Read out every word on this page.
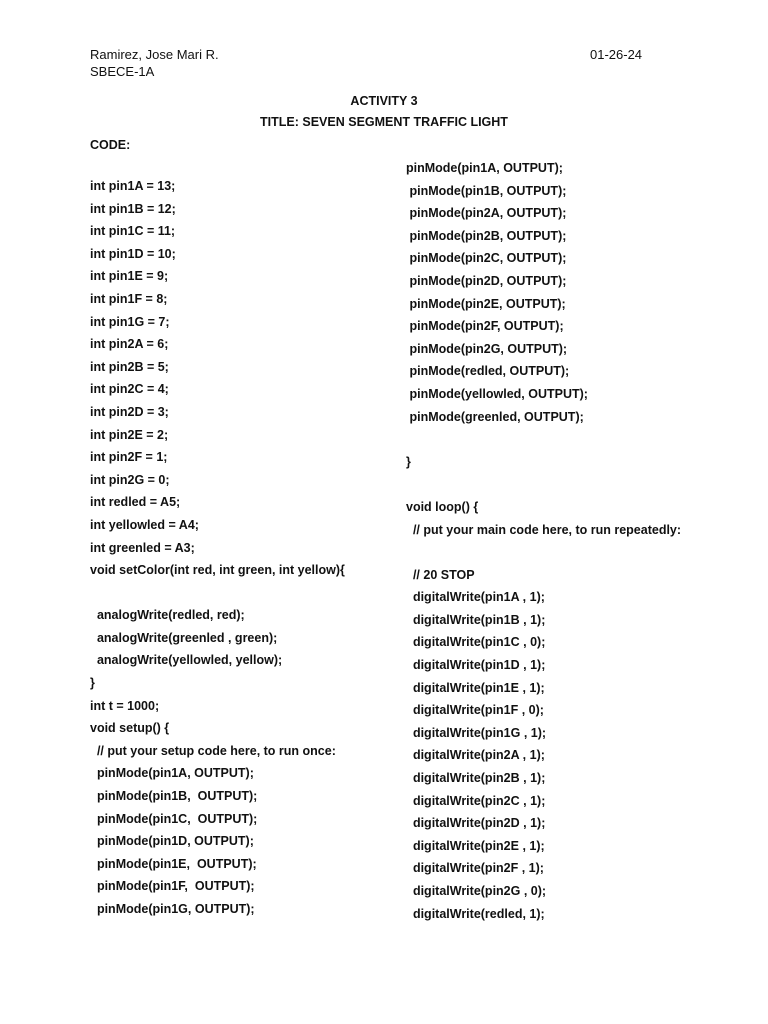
Ramirez, Jose Mari R.
SBECE-1A
01-26-24
ACTIVITY 3
TITLE: SEVEN SEGMENT TRAFFIC LIGHT
CODE:
int pin1A = 13;
int pin1B = 12;
int pin1C = 11;
int pin1D = 10;
int pin1E = 9;
int pin1F = 8;
int pin1G = 7;
int pin2A = 6;
int pin2B = 5;
int pin2C = 4;
int pin2D = 3;
int pin2E = 2;
int pin2F = 1;
int pin2G = 0;
int redled = A5;
int yellowled = A4;
int greenled = A3;
void setColor(int red, int green, int yellow){
analogWrite(redled, red);
analogWrite(greenled , green);
analogWrite(yellowled, yellow);
}
int t = 1000;
void setup() {
// put your setup code here, to run once:
pinMode(pin1A, OUTPUT);
pinMode(pin1B,  OUTPUT);
pinMode(pin1C,  OUTPUT);
pinMode(pin1D, OUTPUT);
pinMode(pin1E,  OUTPUT);
pinMode(pin1F,  OUTPUT);
pinMode(pin1G, OUTPUT);
pinMode(pin1A, OUTPUT);
pinMode(pin1B, OUTPUT);
pinMode(pin2A, OUTPUT);
pinMode(pin2B, OUTPUT);
pinMode(pin2C, OUTPUT);
pinMode(pin2D, OUTPUT);
pinMode(pin2E, OUTPUT);
pinMode(pin2F, OUTPUT);
pinMode(pin2G, OUTPUT);
pinMode(redled, OUTPUT);
pinMode(yellowled, OUTPUT);
pinMode(greenled, OUTPUT);
}
void loop() {
// put your main code here, to run repeatedly:
// 20 STOP
digitalWrite(pin1A , 1);
digitalWrite(pin1B , 1);
digitalWrite(pin1C , 0);
digitalWrite(pin1D , 1);
digitalWrite(pin1E , 1);
digitalWrite(pin1F , 0);
digitalWrite(pin1G , 1);
digitalWrite(pin2A , 1);
digitalWrite(pin2B , 1);
digitalWrite(pin2C , 1);
digitalWrite(pin2D , 1);
digitalWrite(pin2E , 1);
digitalWrite(pin2F , 1);
digitalWrite(pin2G , 0);
digitalWrite(redled, 1);
